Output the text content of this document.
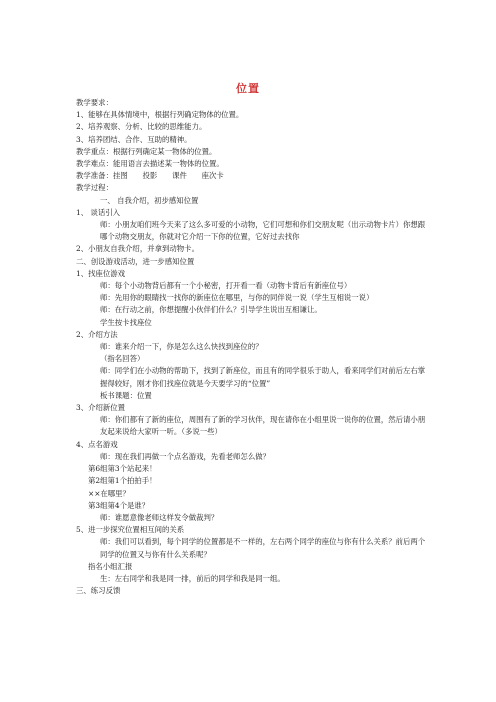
位置
教学要求：
1、能够在具体情境中，根据行列确定物体的位置。
2、培养观察、分析、比较的思维能力。
3、培养团结、合作、互助的精神。
教学重点：根据行列确定某一物体的位置。
教学难点：能用语言去描述某一物体的位置。
教学准备：挂图　　投影　　课件　　座次卡
教学过程：
一、 自我介绍，初步感知位置
1、 谈话引入
师：小朋友咱们班今天来了这么多可爱的小动物，它们可想和你们交朋友呢（出示动物卡片）你想跟哪个动物交朋友，你就对它介绍一下你的位置，它好过去找你
2、小朋友自我介绍，并拿到动物卡。
二、创设游戏活动，进一步感知位置
1、找座位游戏
师：每个小动物背后都有一个小秘密，打开看一看（动物卡背后有新座位号）
师：先用你的眼睛找一找你的新座位在哪里，与你的同伴说一说（学生互相说一说）
师：在行动之前，你想提醒小伙伴们什么？引导学生说出互相谦让。
学生按卡找座位
2、介绍方法
师：谁来介绍一下，你是怎么这么快找到座位的？
（指名回答）
师：同学们在小动物的帮助下，找到了新座位，而且有的同学很乐于助人，看来同学们对前后左右掌握得较好，刚才你们找座位就是今天要学习的“位置”
板书课题：位置
3、介绍新位置
师：你们都有了新的座位，周围有了新的学习伙伴，现在请你在小组里说一说你的位置，然后请小朋友起来说给大家听一听。（多说一些）
4、点名游戏
师：现在我们再做一个点名游戏，先看老师怎么做？
第6组第3个站起来！
第2组第1个拍拍手！
××在哪里？
第3组第4个是谁？
师：谁愿意像老师这样发令做裁判？
5、进一步探究位置相互间的关系
师：我们可以看到，每个同学的位置都是不一样的，左右两个同学的座位与你有什么关系？前后两个同学的位置又与你有什么关系呢？
指名小组汇报
生：左右同学和我是同一排，前后的同学和我是同一组。
三、练习反馈
